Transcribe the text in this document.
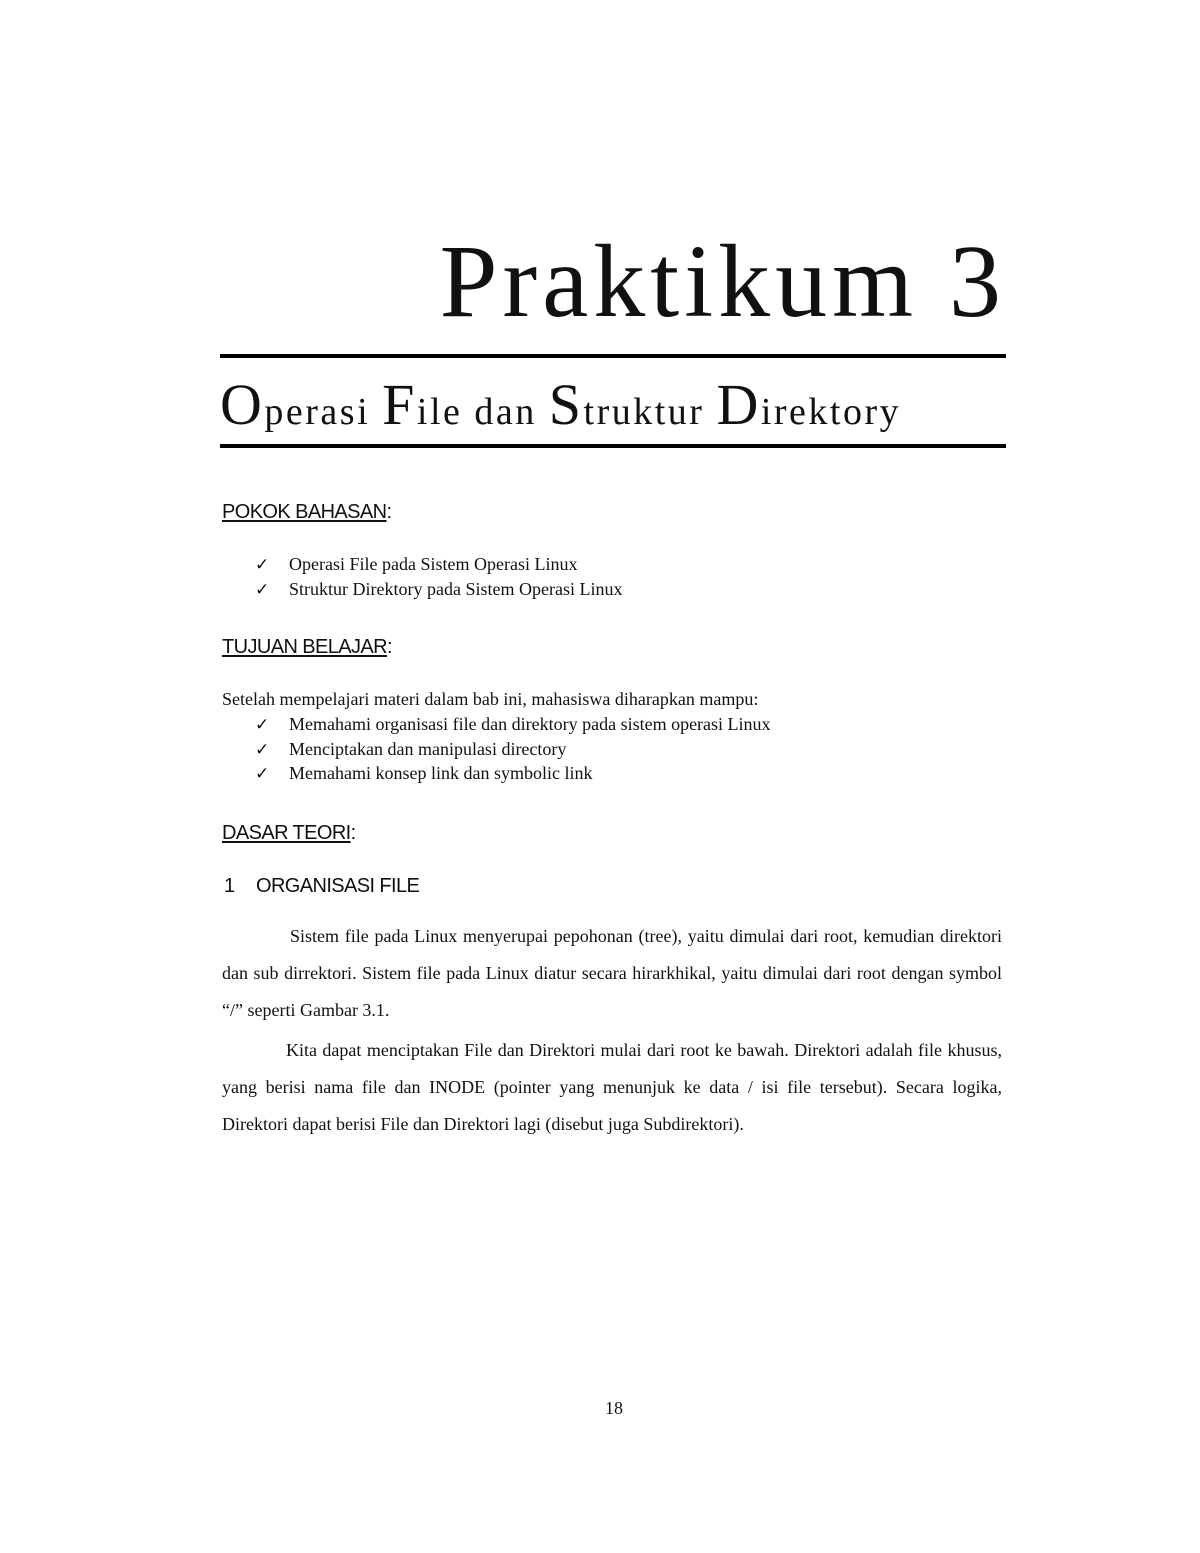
Praktikum 3
Operasi File dan Struktur Direktory
POKOK BAHASAN:
✓ Operasi File pada Sistem Operasi Linux
✓ Struktur Direktory pada Sistem Operasi Linux
TUJUAN BELAJAR:
Setelah mempelajari materi dalam bab ini, mahasiswa diharapkan mampu:
✓ Memahami organisasi file dan direktory pada sistem operasi Linux
✓ Menciptakan dan manipulasi directory
✓ Memahami konsep link dan symbolic link
DASAR TEORI:
1 ORGANISASI FILE

Sistem file pada Linux menyerupai pepohonan (tree), yaitu dimulai dari root, kemudian direktori dan sub dirrektori. Sistem file pada Linux diatur secara hirarkhikal, yaitu dimulai dari root dengan symbol “/” seperti Gambar 3.1.

Kita dapat menciptakan File dan Direktori mulai dari root ke bawah. Direktori adalah file khusus, yang berisi nama file dan INODE (pointer yang menunjuk ke data / isi file tersebut). Secara logika, Direktori dapat berisi File dan Direktori lagi (disebut juga Subdirektori).

18
